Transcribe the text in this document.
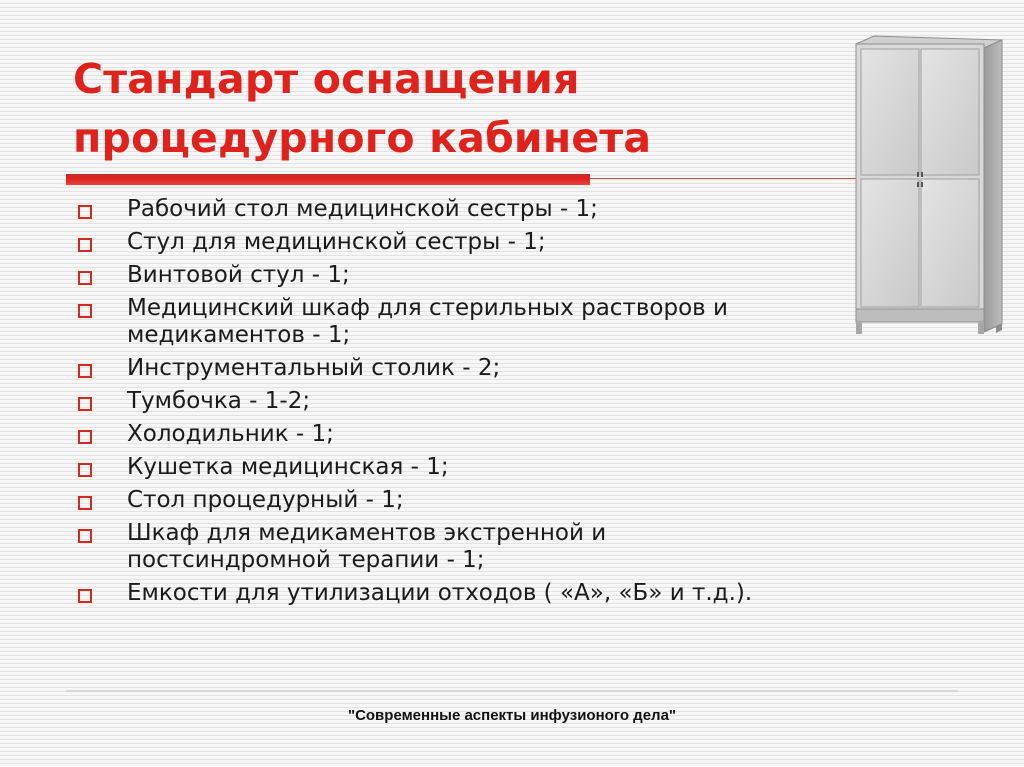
Стандарт оснащения
процедурного кабинета
Рабочий стол медицинской сестры - 1;
Стул для медицинской сестры - 1;
Винтовой стул - 1;
Медицинский шкаф для стерильных растворов и
медикаментов - 1;
Инструментальный столик - 2;
Тумбочка - 1-2;
Холодильник - 1;
Кушетка медицинская - 1;
Стол процедурный - 1;
Шкаф для медикаментов экстренной и
постсиндромной терапии - 1;
Емкости для утилизации отходов ( «А», «Б» и т.д.).
"Современные аспекты инфузионого дела"
